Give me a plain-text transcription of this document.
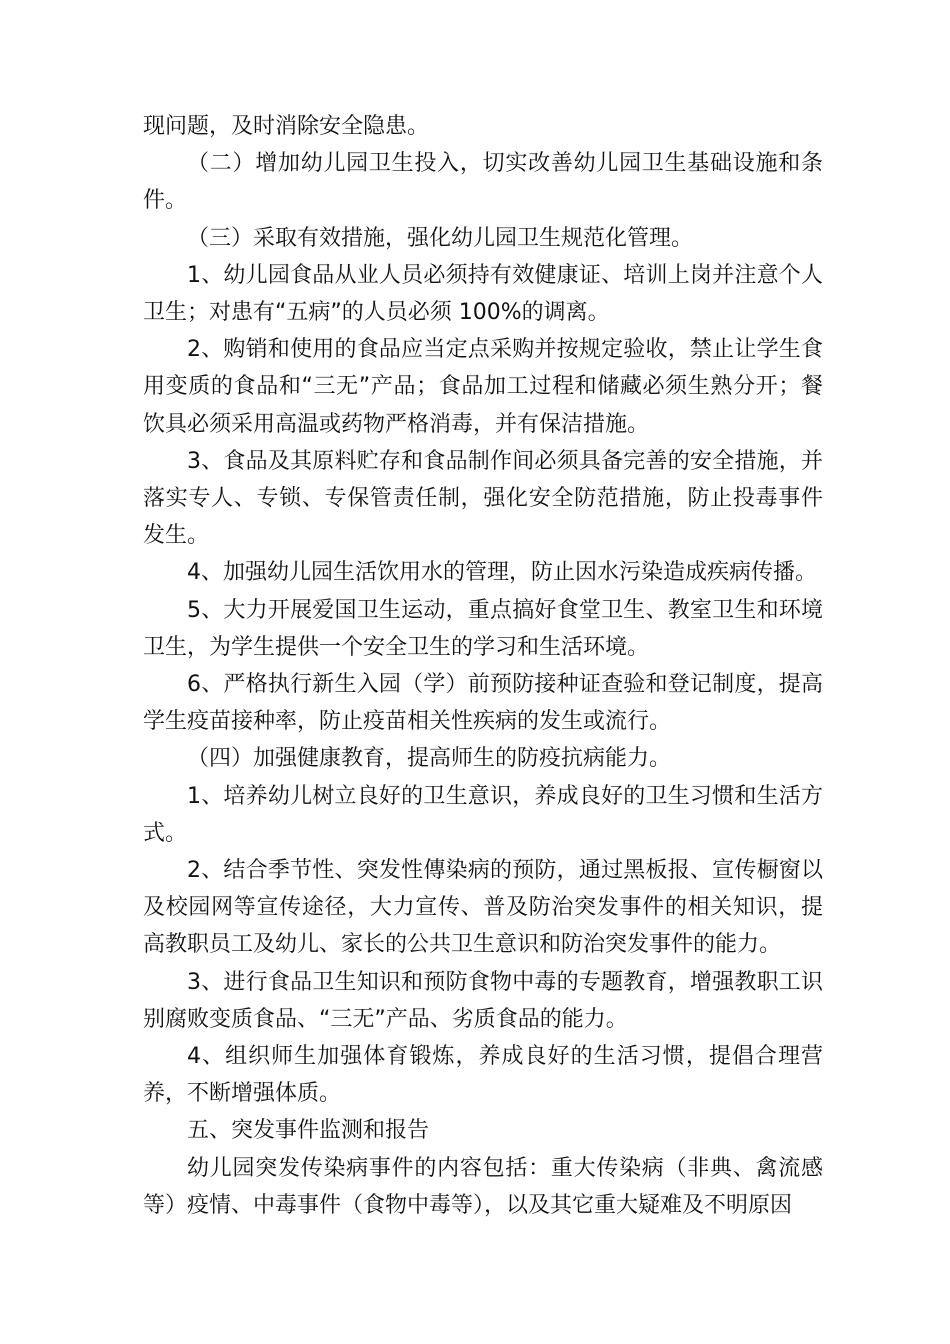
现问题，及时消除安全隐患。

（二）增加幼儿园卫生投入，切实改善幼儿园卫生基础设施和条件。

（三）采取有效措施，强化幼儿园卫生规范化管理。

1、幼儿园食品从业人员必须持有效健康证、培训上岗并注意个人卫生；对患有“五病”的人员必须 100%的调离。

2、购销和使用的食品应当定点采购并按规定验收，禁止让学生食用变质的食品和“三无”产品；食品加工过程和储藏必须生熟分开；餐饮具必须采用高温或药物严格消毒，并有保洁措施。

3、食品及其原料贮存和食品制作间必须具备完善的安全措施，并落实专人、专锁、专保管责任制，强化安全防范措施，防止投毒事件发生。

4、加强幼儿园生活饮用水的管理，防止因水污染造成疾病传播。

5、大力开展爱国卫生运动，重点搞好食堂卫生、教室卫生和环境卫生，为学生提供一个安全卫生的学习和生活环境。

6、严格执行新生入园（学）前预防接种证查验和登记制度，提高学生疫苗接种率，防止疫苗相关性疾病的发生或流行。

（四）加强健康教育，提高师生的防疫抗病能力。

1、培养幼儿树立良好的卫生意识，养成良好的卫生习惯和生活方式。

2、结合季节性、突发性傳染病的预防，通过黑板报、宣传橱窗以及校园网等宣传途径，大力宣传、普及防治突发事件的相关知识，提高教职员工及幼儿、家长的公共卫生意识和防治突发事件的能力。

3、进行食品卫生知识和预防食物中毒的专题教育，增强教职工识别腐败变质食品、“三无”产品、劣质食品的能力。

4、组织师生加强体育锻炼，养成良好的生活习惯，提倡合理营养，不断增强体质。

五、突发事件监测和报告

幼儿园突发传染病事件的内容包括：重大传染病（非典、禽流感等）疫情、中毒事件（食物中毒等），以及其它重大疑难及不明原因
